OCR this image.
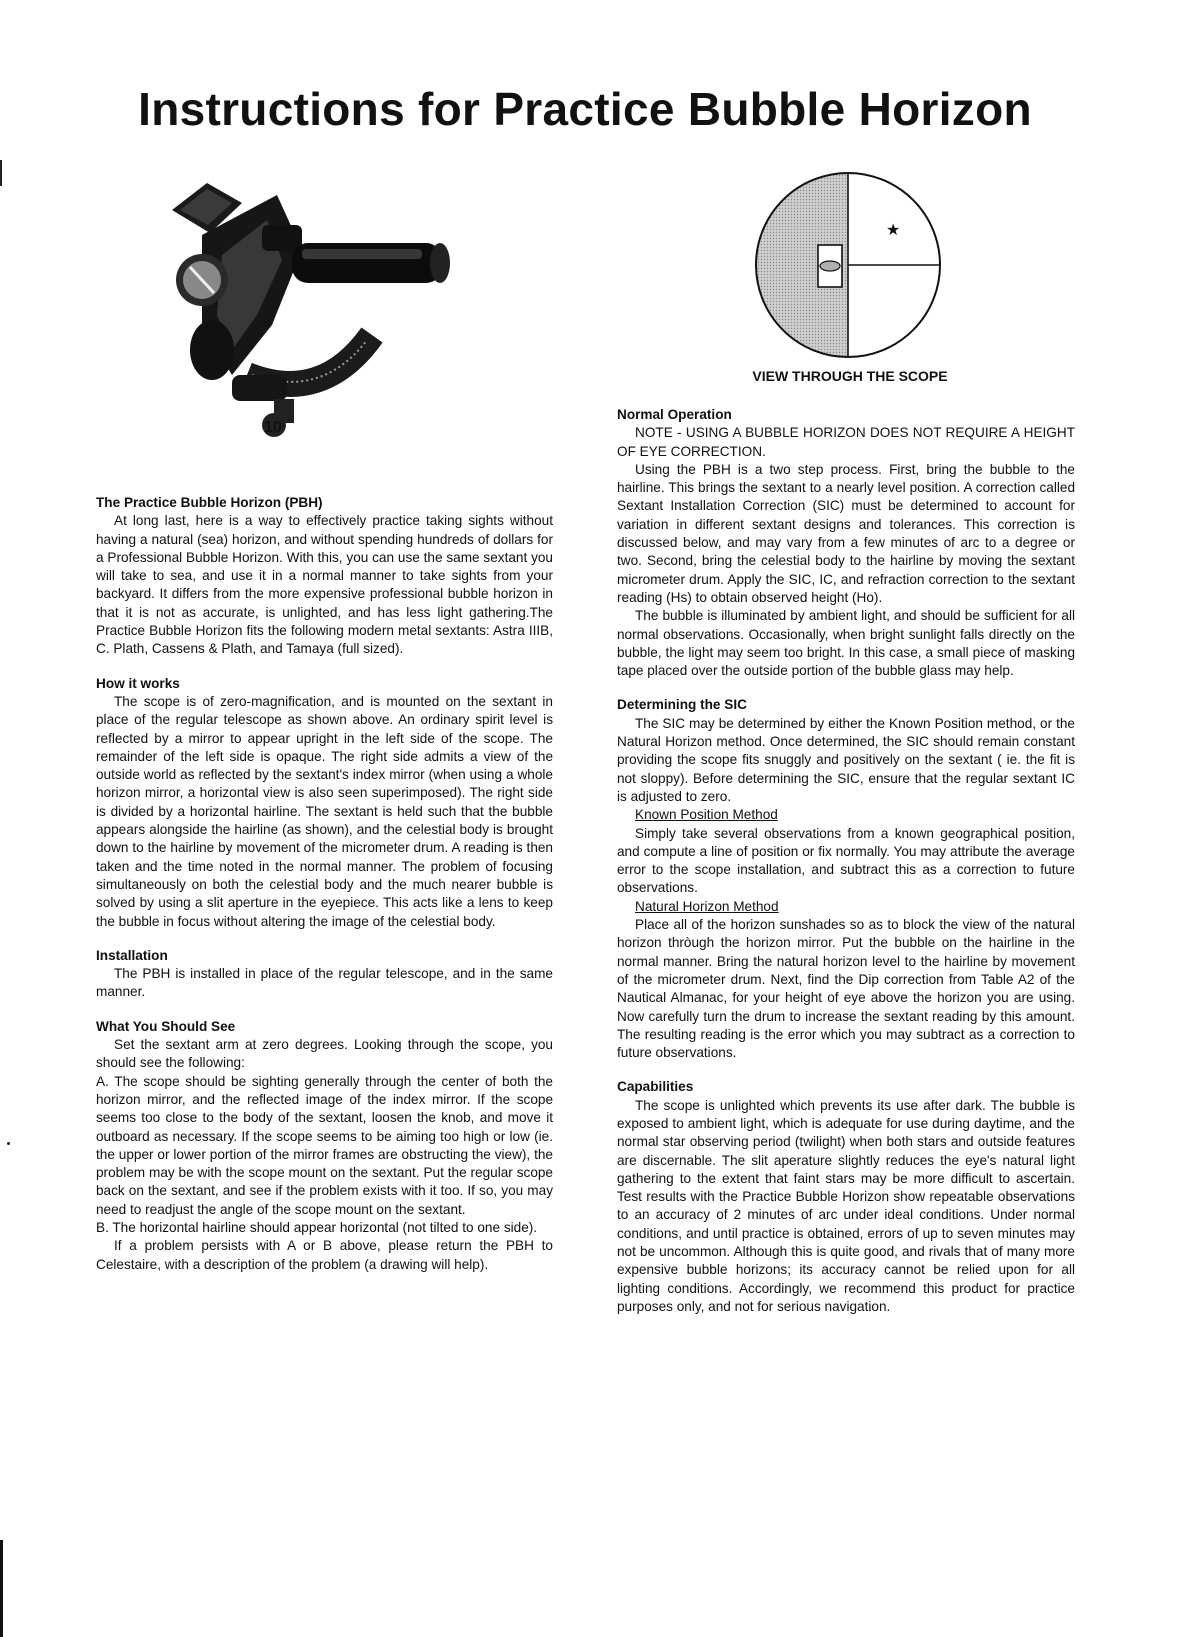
Instructions for Practice Bubble Horizon
10
★
VIEW THROUGH THE SCOPE
The Practice Bubble Horizon (PBH)

At long last, here is a way to effectively practice taking sights without having a natural (sea) horizon, and without spending hundreds of dollars for a Professional Bubble Horizon. With this, you can use the same sextant you will take to sea, and use it in a normal manner to take sights from your backyard. It differs from the more expensive professional bubble horizon in that it is not as accurate, is unlighted, and has less light gathering.The Practice Bubble Horizon fits the following modern metal sextants: Astra IIIB, C. Plath, Cassens & Plath, and Tamaya (full sized).

How it works

The scope is of zero-magnification, and is mounted on the sextant in place of the regular telescope as shown above. An ordinary spirit level is reflected by a mirror to appear upright in the left side of the scope. The remainder of the left side is opaque. The right side admits a view of the outside world as reflected by the sextant's index mirror (when using a whole horizon mirror, a horizontal view is also seen superimposed). The right side is divided by a horizontal hairline. The sextant is held such that the bubble appears alongside the hairline (as shown), and the celestial body is brought down to the hairline by movement of the micrometer drum. A reading is then taken and the time noted in the normal manner. The problem of focusing simultaneously on both the celestial body and the much nearer bubble is solved by using a slit aperture in the eyepiece. This acts like a lens to keep the bubble in focus without altering the image of the celestial body.

Installation

The PBH is installed in place of the regular telescope, and in the same manner.

What You Should See

Set the sextant arm at zero degrees. Looking through the scope, you should see the following:

A. The scope should be sighting generally through the center of both the horizon mirror, and the reflected image of the index mirror. If the scope seems too close to the body of the sextant, loosen the knob, and move it outboard as necessary. If the scope seems to be aiming too high or low (ie. the upper or lower portion of the mirror frames are obstructing the view), the problem may be with the scope mount on the sextant. Put the regular scope back on the sextant, and see if the problem exists with it too. If so, you may need to readjust the angle of the scope mount on the sextant.

B. The horizontal hairline should appear horizontal (not tilted to one side).

If a problem persists with A or B above, please return the PBH to Celestaire, with a description of the problem (a drawing will help).

Normal Operation

NOTE - USING A BUBBLE HORIZON DOES NOT REQUIRE A HEIGHT OF EYE CORRECTION.

Using the PBH is a two step process. First, bring the bubble to the hairline. This brings the sextant to a nearly level position. A correction called Sextant Installation Correction (SIC) must be determined to account for variation in different sextant designs and tolerances. This correction is discussed below, and may vary from a few minutes of arc to a degree or two. Second, bring the celestial body to the hairline by moving the sextant micrometer drum. Apply the SIC, IC, and refraction correction to the sextant reading (Hs) to obtain observed height (Ho).

The bubble is illuminated by ambient light, and should be sufficient for all normal observations. Occasionally, when bright sunlight falls directly on the bubble, the light may seem too bright. In this case, a small piece of masking tape placed over the outside portion of the bubble glass may help.

Determining the SIC

The SIC may be determined by either the Known Position method, or the Natural Horizon method. Once determined, the SIC should remain constant providing the scope fits snuggly and positively on the sextant ( ie. the fit is not sloppy). Before determining the SIC, ensure that the regular sextant IC is adjusted to zero.

Known Position Method

Simply take several observations from a known geographical position, and compute a line of position or fix normally. You may attribute the average error to the scope installation, and subtract this as a correction to future observations.

Natural Horizon Method

Place all of the horizon sunshades so as to block the view of the natural horizon thròugh the horizon mirror. Put the bubble on the hairline in the normal manner. Bring the natural horizon level to the hairline by movement of the micrometer drum. Next, find the Dip correction from Table A2 of the Nautical Almanac, for your height of eye above the horizon you are using. Now carefully turn the drum to increase the sextant reading by this amount. The resulting reading is the error which you may subtract as a correction to future observations.

Capabilities

The scope is unlighted which prevents its use after dark. The bubble is exposed to ambient light, which is adequate for use during daytime, and the normal star observing period (twilight) when both stars and outside features are discernable. The slit aperature slightly reduces the eye's natural light gathering to the extent that faint stars may be more difficult to ascertain. Test results with the Practice Bubble Horizon show repeatable observations to an accuracy of 2 minutes of arc under ideal conditions. Under normal conditions, and until practice is obtained, errors of up to seven minutes may not be uncommon. Although this is quite good, and rivals that of many more expensive bubble horizons; its accuracy cannot be relied upon for all lighting conditions. Accordingly, we recommend this product for practice purposes only, and not for serious navigation.
